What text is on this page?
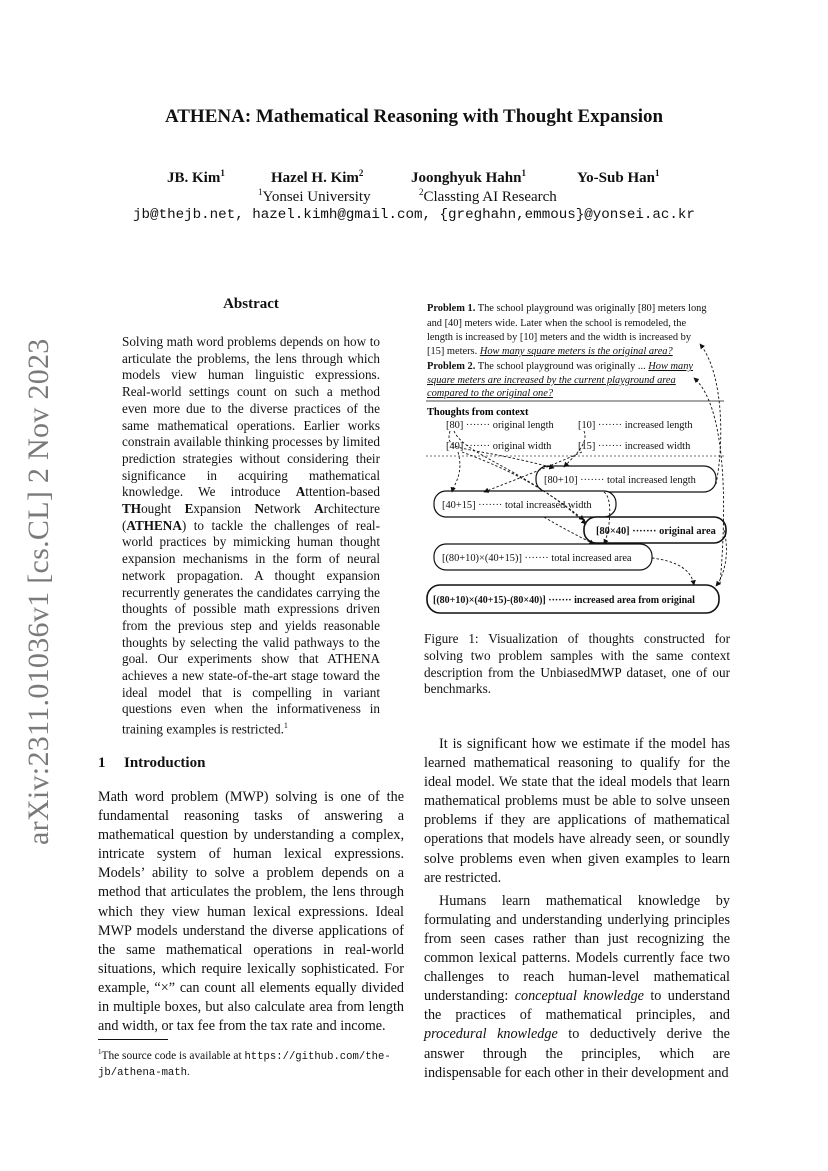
arXiv:2311.01036v1 [cs.CL] 2 Nov 2023
ATHENA: Mathematical Reasoning with Thought Expansion
JB. Kim$^1$	Hazel H. Kim$^2$	Joonghyuk Hahn$^1$	Yo-Sub Han$^1$
$^1$Yonsei University	$^2$Classting AI Research
jb@thejb.net, hazel.kimh@gmail.com, {greghahn,emmous}@yonsei.ac.kr
Abstract
Solving math word problems depends on how to articulate the problems, the lens through which models view human linguistic expressions. Real-world settings count on such a method even more due to the diverse practices of the same mathematical operations. Earlier works constrain available thinking processes by limited prediction strategies without considering their significance in acquiring mathematical knowledge. We introduce Attention-based THought Expansion Network Architecture (ATHENA) to tackle the challenges of real-world practices by mimicking human thought expansion mechanisms in the form of neural network propagation. A thought expansion recurrently generates the candidates carrying the thoughts of possible math expressions driven from the previous step and yields reasonable thoughts by selecting the valid pathways to the goal. Our experiments show that ATHENA achieves a new state-of-the-art stage toward the ideal model that is compelling in variant questions even when the informativeness in training examples is restricted.$^1$
1 Introduction
Math word problem (MWP) solving is one of the fundamental reasoning tasks of answering a mathematical question by understanding a complex, intricate system of human lexical expressions. Models’ ability to solve a problem depends on a method that articulates the problem, the lens through which they view human lexical expressions. Ideal MWP models understand the diverse applications of the same mathematical operations in real-world situations, which require lexically sophisticated. For example, “×” can count all elements equally divided in multiple boxes, but also calculate area from length and width, or tax fee from the tax rate and income.
$^1$The source code is available at https://github.com/the-jb/athena-math.
Problem 1. The school playground was originally [80] meters long
and [40] meters wide. Later when the school is remodeled, the
length is increased by [10] meters and the width is increased by
[15] meters. How many square meters is the original area?
Problem 2. The school playground was originally ... How many
square meters are increased by the current playground area
compared to the original one?
Thoughts from context
[80] ······· original length
[40] ······· original width
[10] ······· increased length
[15] ······· increased width
[80+10] ······· total increased length
[40+15] ······· total increased width
[80×40] ······· original area
[(80+10)×(40+15)] ······· total increased area
[(80+10)×(40+15)-(80×40)] ······· increased area from original
Figure 1: Visualization of thoughts constructed for solving two problem samples with the same context description from the UnbiasedMWP dataset, one of our benchmarks.

It is significant how we estimate if the model has learned mathematical reasoning to qualify for the ideal model. We state that the ideal models that learn mathematical problems must be able to solve unseen problems if they are applications of mathematical operations that models have already seen, or soundly solve problems even when given examples to learn are restricted.

Humans learn mathematical knowledge by formulating and understanding underlying principles from seen cases rather than just recognizing the common lexical patterns. Models currently face two challenges to reach human-level mathematical understanding: conceptual knowledge to understand the practices of mathematical principles, and procedural knowledge to deductively derive the answer through the principles, which are indispensable for each other in their development and
